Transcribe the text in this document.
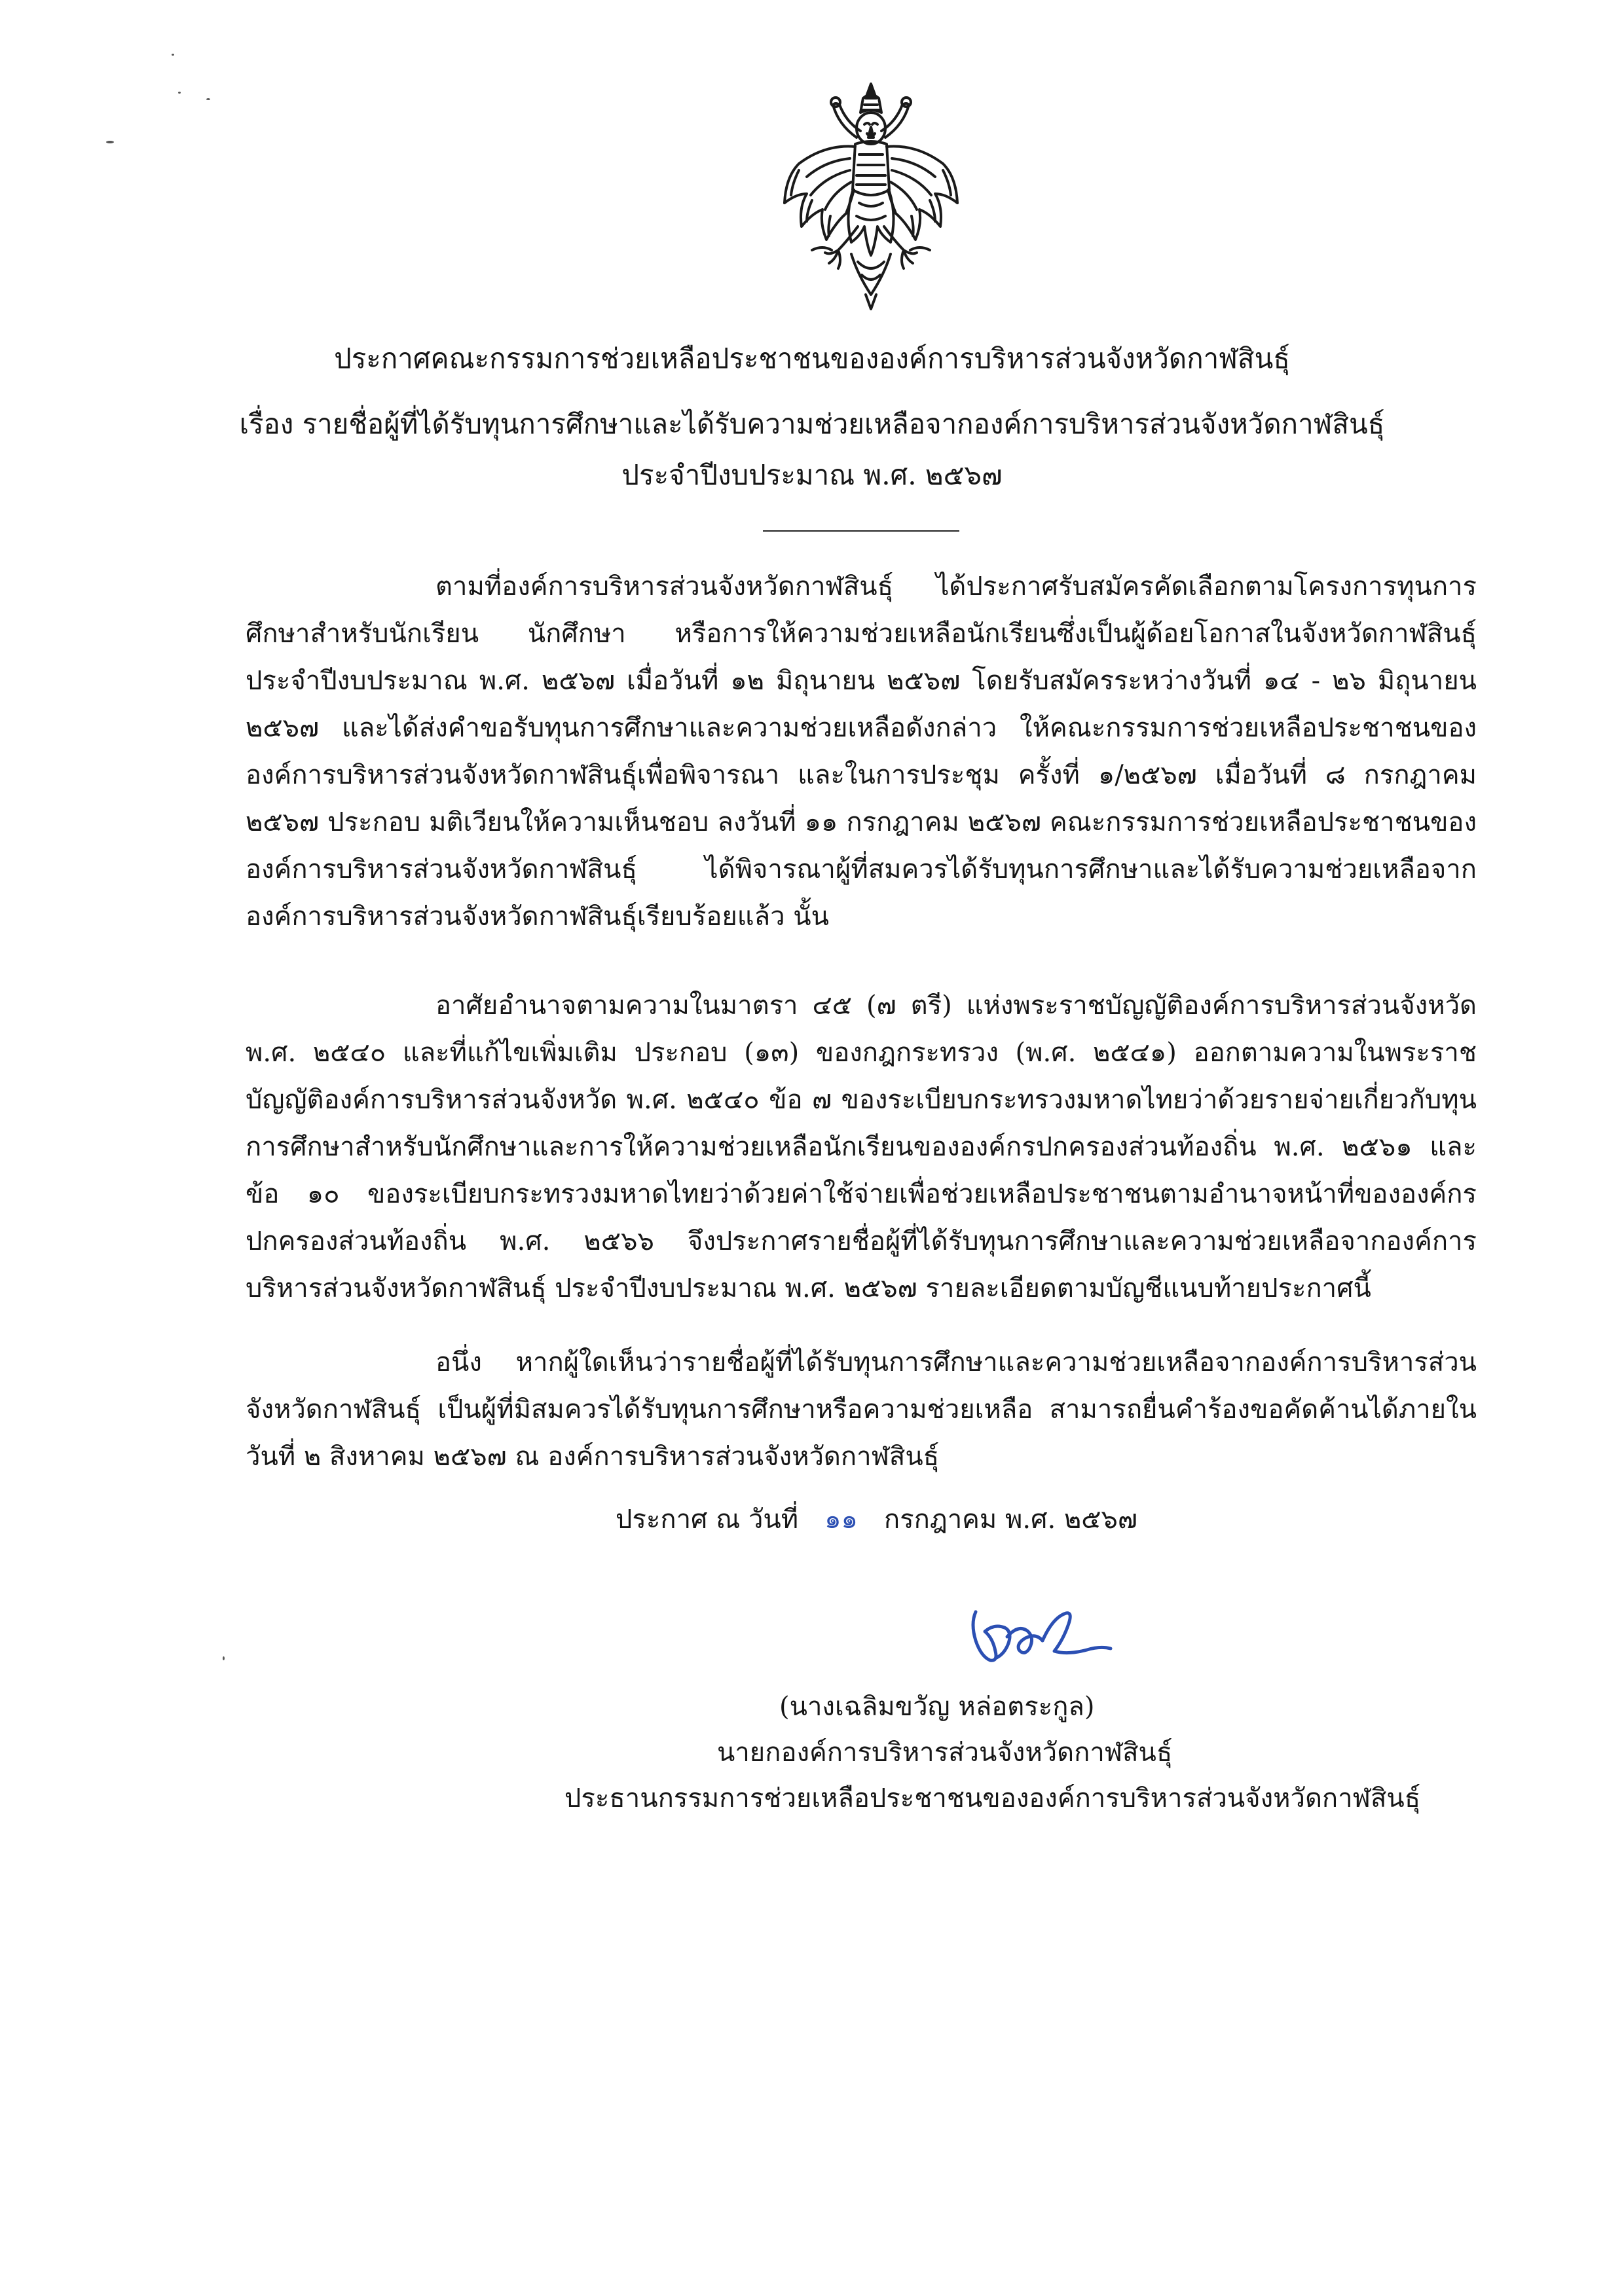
ประกาศคณะกรรมการช่วยเหลือประชาชนขององค์การบริหารส่วนจังหวัดกาฬสินธุ์
เรื่อง รายชื่อผู้ที่ได้รับทุนการศึกษาและได้รับความช่วยเหลือจากองค์การบริหารส่วนจังหวัดกาฬสินธุ์
ประจำปีงบประมาณ พ.ศ. ๒๕๖๗
ตามที่องค์การบริหารส่วนจังหวัดกาฬสินธุ์ ได้ประกาศรับสมัครคัดเลือกตามโครงการทุนการศึกษาสำหรับนักเรียน นักศึกษา หรือการให้ความช่วยเหลือนักเรียนซึ่งเป็นผู้ด้อยโอกาสในจังหวัดกาฬสินธุ์ ประจำปีงบประมาณ พ.ศ. ๒๕๖๗ เมื่อวันที่ ๑๒ มิถุนายน ๒๕๖๗ โดยรับสมัครระหว่างวันที่ ๑๔ - ๒๖ มิถุนายน ๒๕๖๗ และได้ส่งคำขอรับทุนการศึกษาและความช่วยเหลือดังกล่าว ให้คณะกรรมการช่วยเหลือประชาชนขององค์การบริหารส่วนจังหวัดกาฬสินธุ์เพื่อพิจารณา และในการประชุม ครั้งที่ ๑/๒๕๖๗ เมื่อวันที่ ๘ กรกฎาคม ๒๕๖๗ ประกอบ มติเวียนให้ความเห็นชอบ ลงวันที่ ๑๑ กรกฎาคม ๒๕๖๗ คณะกรรมการช่วยเหลือประชาชนขององค์การบริหารส่วนจังหวัดกาฬสินธุ์ ได้พิจารณาผู้ที่สมควรได้รับทุนการศึกษาและได้รับความช่วยเหลือจากองค์การบริหารส่วนจังหวัดกาฬสินธุ์เรียบร้อยแล้ว นั้น
อาศัยอำนาจตามความในมาตรา ๔๕ (๗ ตรี) แห่งพระราชบัญญัติองค์การบริหารส่วนจังหวัด พ.ศ. ๒๕๔๐ และที่แก้ไขเพิ่มเติม ประกอบ (๑๓) ของกฎกระทรวง (พ.ศ. ๒๕๔๑) ออกตามความในพระราชบัญญัติองค์การบริหารส่วนจังหวัด พ.ศ. ๒๕๔๐ ข้อ ๗ ของระเบียบกระทรวงมหาดไทยว่าด้วยรายจ่ายเกี่ยวกับทุนการศึกษาสำหรับนักศึกษาและการให้ความช่วยเหลือนักเรียนขององค์กรปกครองส่วนท้องถิ่น พ.ศ. ๒๕๖๑ และข้อ ๑๐ ของระเบียบกระทรวงมหาดไทยว่าด้วยค่าใช้จ่ายเพื่อช่วยเหลือประชาชนตามอำนาจหน้าที่ขององค์กรปกครองส่วนท้องถิ่น พ.ศ. ๒๕๖๖ จึงประกาศรายชื่อผู้ที่ได้รับทุนการศึกษาและความช่วยเหลือจากองค์การบริหารส่วนจังหวัดกาฬสินธุ์ ประจำปีงบประมาณ พ.ศ. ๒๕๖๗ รายละเอียดตามบัญชีแนบท้ายประกาศนี้
อนึ่ง หากผู้ใดเห็นว่ารายชื่อผู้ที่ได้รับทุนการศึกษาและความช่วยเหลือจากองค์การบริหารส่วนจังหวัดกาฬสินธุ์ เป็นผู้ที่มิสมควรได้รับทุนการศึกษาหรือความช่วยเหลือ สามารถยื่นคำร้องขอคัดค้านได้ภายในวันที่ ๒ สิงหาคม ๒๕๖๗ ณ องค์การบริหารส่วนจังหวัดกาฬสินธุ์
ประกาศ ณ วันที่ ๑๑ กรกฎาคม พ.ศ. ๒๕๖๗
(นางเฉลิมขวัญ หล่อตระกูล)
นายกองค์การบริหารส่วนจังหวัดกาฬสินธุ์
ประธานกรรมการช่วยเหลือประชาชนขององค์การบริหารส่วนจังหวัดกาฬสินธุ์
